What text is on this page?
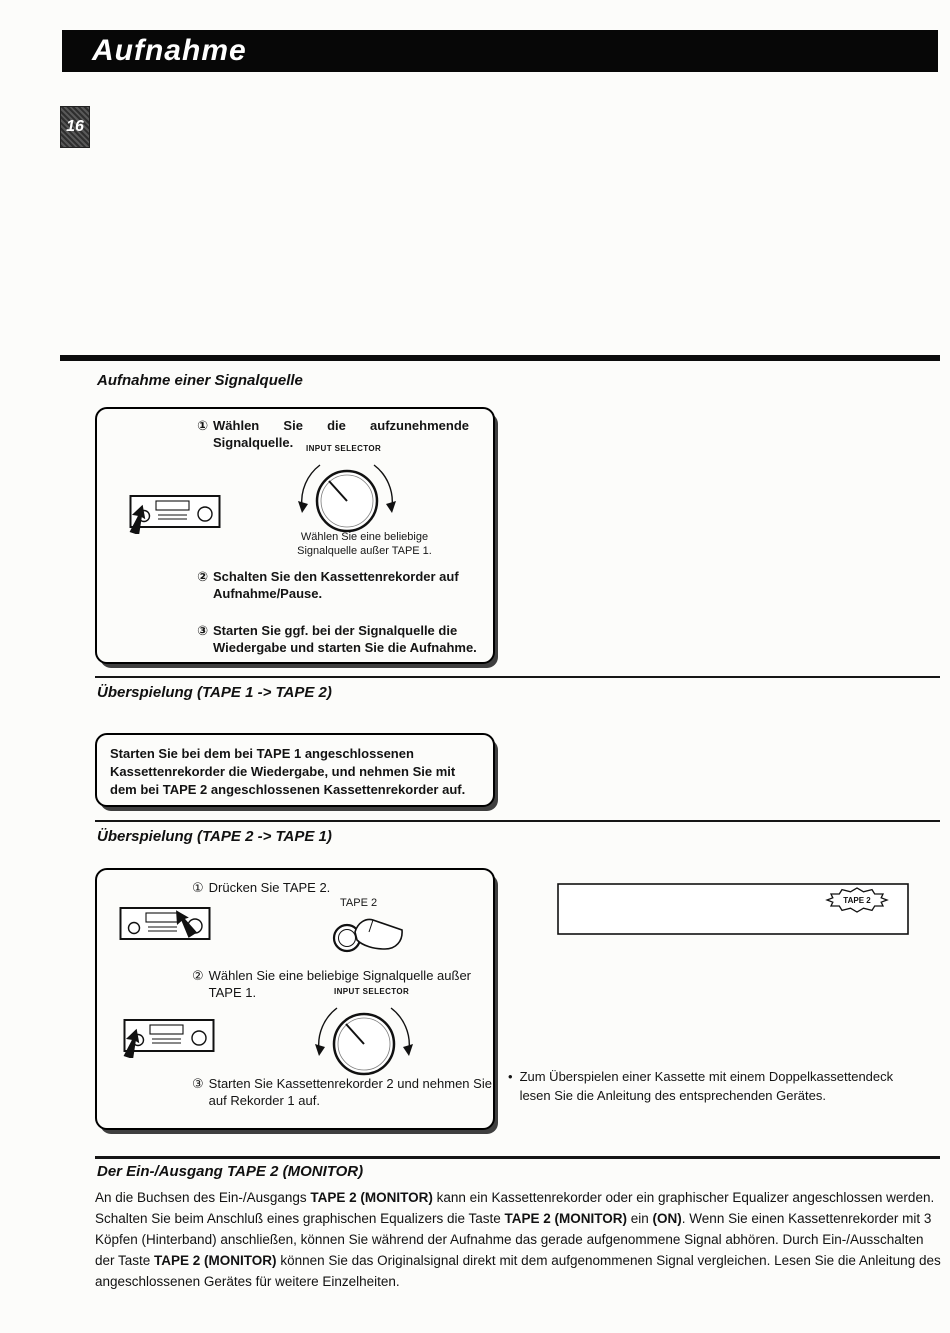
Aufnahme
16
Aufnahme einer Signalquelle
① Wählen Sie die aufzunehmende Signalquelle.	INPUT SELECTOR
Wählen Sie eine beliebige
Signalquelle außer TAPE 1.
② Schalten Sie den Kassettenrekorder auf Aufnahme/Pause.
③ Starten Sie ggf. bei der Signalquelle die Wiedergabe und starten Sie die Aufnahme.
Überspielung (TAPE 1 -> TAPE 2)
Starten Sie bei dem bei TAPE 1 angeschlossenen Kassettenrekorder die Wiedergabe, und nehmen Sie mit dem bei TAPE 2 angeschlossenen Kassettenrekorder auf.
Überspielung (TAPE 2 -> TAPE 1)
① Drücken Sie TAPE 2.
TAPE 2
② Wählen Sie eine beliebige Signalquelle außer TAPE 1.	INPUT SELECTOR
③ Starten Sie Kassettenrekorder 2 und nehmen Sie auf Rekorder 1 auf.
TAPE 2
• Zum Überspielen einer Kassette mit einem Doppelkassettendeck lesen Sie die Anleitung des entsprechenden Gerätes.
Der Ein-/Ausgang TAPE 2 (MONITOR)

An die Buchsen des Ein-/Ausgangs TAPE 2 (MONITOR) kann ein Kassettenrekorder oder ein graphischer Equalizer angeschlossen werden. Schalten Sie beim Anschluß eines graphischen Equalizers die Taste TAPE 2 (MONITOR) ein (ON). Wenn Sie einen Kassettenrekorder mit 3 Köpfen (Hinterband) anschließen, können Sie während der Aufnahme das gerade aufgenommene Signal abhören. Durch Ein-/Ausschalten der Taste TAPE 2 (MONITOR) können Sie das Originalsignal direkt mit dem aufgenommenen Signal vergleichen. Lesen Sie die Anleitung des angeschlossenen Gerätes für weitere Einzelheiten.
